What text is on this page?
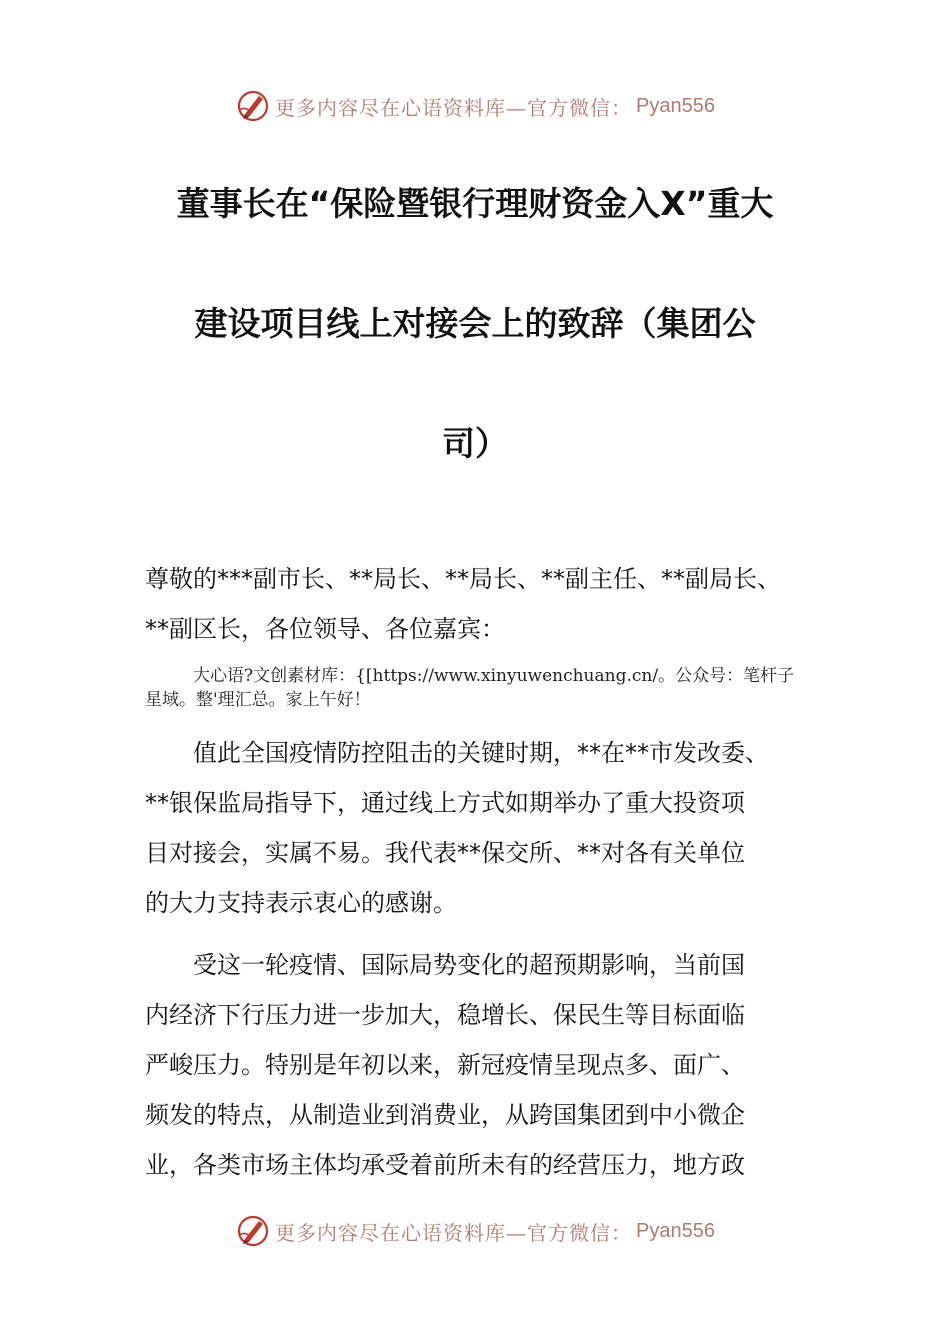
更多内容尽在心语资料库—官方微信： Pyan556
董事长在“保险暨银行理财资金入X”重大
建设项目线上对接会上的致辞（集团公
司）

尊敬的***副市长、**局长、**局长、**副主任、**副局长、
**副区长，各位领导、各位嘉宾：

大心语?文创素材库：{[https://www.xinyuwenchuang.cn/。公众号：笔杆子
星域。整'理汇总。家上午好！

值此全国疫情防控阻击的关键时期，**在**市发改委、
**银保监局指导下，通过线上方式如期举办了重大投资项
目对接会，实属不易。我代表**保交所、**对各有关单位
的大力支持表示衷心的感谢。

受这一轮疫情、国际局势变化的超预期影响，当前国
内经济下行压力进一步加大，稳增长、保民生等目标面临
严峻压力。特别是年初以来，新冠疫情呈现点多、面广、
频发的特点，从制造业到消费业，从跨国集团到中小微企
业，各类市场主体均承受着前所未有的经营压力，地方政

更多内容尽在心语资料库—官方微信： Pyan556
